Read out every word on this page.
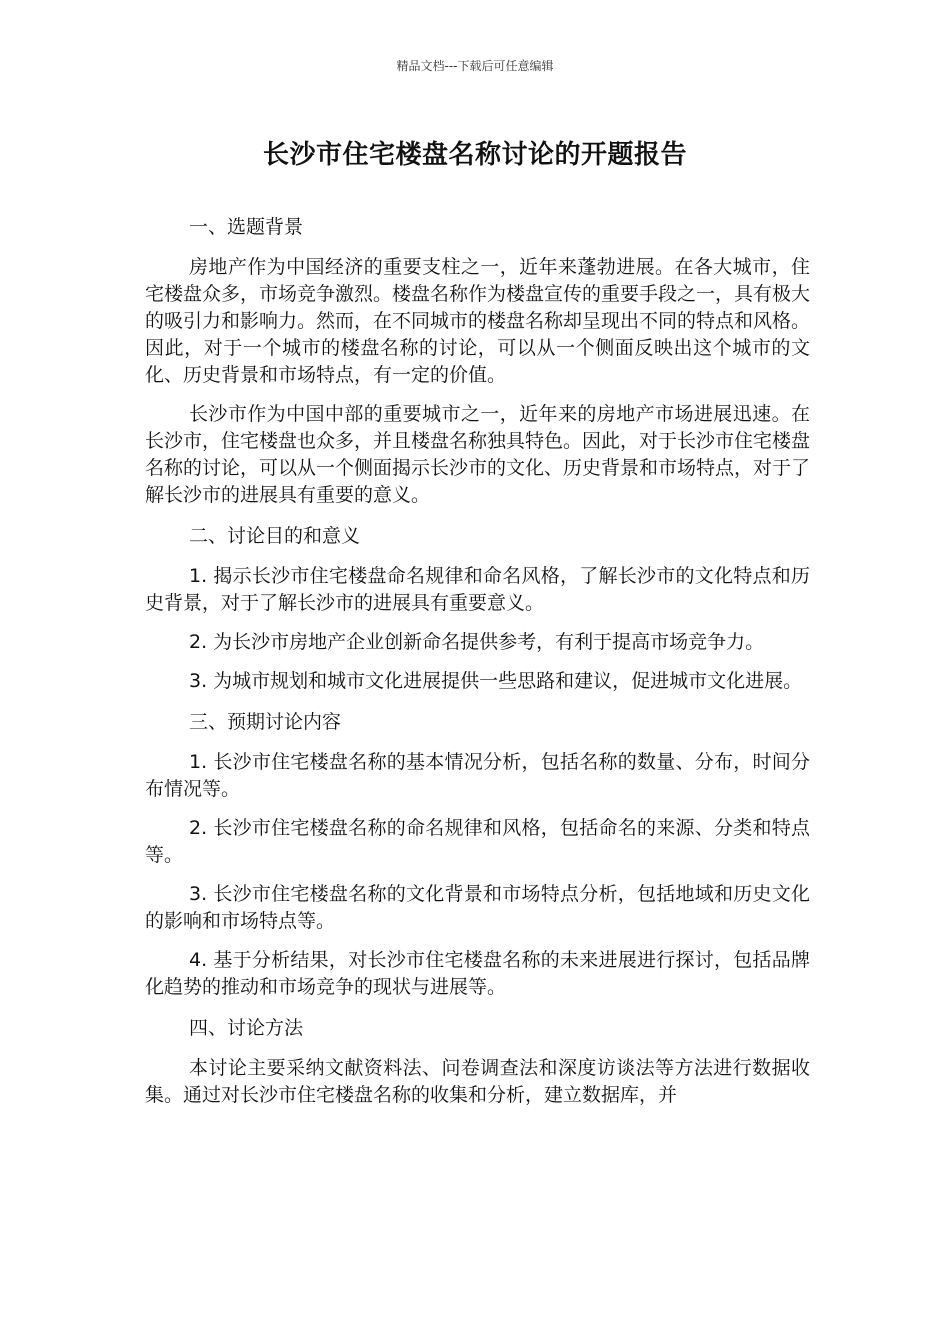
精品文档---下载后可任意编辑
长沙市住宅楼盘名称讨论的开题报告
一、选题背景

房地产作为中国经济的重要支柱之一，近年来蓬勃进展。在各大城市，住宅楼盘众多，市场竞争激烈。楼盘名称作为楼盘宣传的重要手段之一，具有极大的吸引力和影响力。然而，在不同城市的楼盘名称却呈现出不同的特点和风格。因此，对于一个城市的楼盘名称的讨论，可以从一个侧面反映出这个城市的文化、历史背景和市场特点，有一定的价值。

长沙市作为中国中部的重要城市之一，近年来的房地产市场进展迅速。在长沙市，住宅楼盘也众多，并且楼盘名称独具特色。因此，对于长沙市住宅楼盘名称的讨论，可以从一个侧面揭示长沙市的文化、历史背景和市场特点，对于了解长沙市的进展具有重要的意义。

二、讨论目的和意义

1. 揭示长沙市住宅楼盘命名规律和命名风格，了解长沙市的文化特点和历史背景，对于了解长沙市的进展具有重要意义。

2. 为长沙市房地产企业创新命名提供参考，有利于提高市场竞争力。

3. 为城市规划和城市文化进展提供一些思路和建议，促进城市文化进展。

三、预期讨论内容

1. 长沙市住宅楼盘名称的基本情况分析，包括名称的数量、分布，时间分布情况等。

2. 长沙市住宅楼盘名称的命名规律和风格，包括命名的来源、分类和特点等。

3. 长沙市住宅楼盘名称的文化背景和市场特点分析，包括地域和历史文化的影响和市场特点等。

4. 基于分析结果，对长沙市住宅楼盘名称的未来进展进行探讨，包括品牌化趋势的推动和市场竞争的现状与进展等。

四、讨论方法

本讨论主要采纳文献资料法、问卷调查法和深度访谈法等方法进行数据收集。通过对长沙市住宅楼盘名称的收集和分析，建立数据库，并
